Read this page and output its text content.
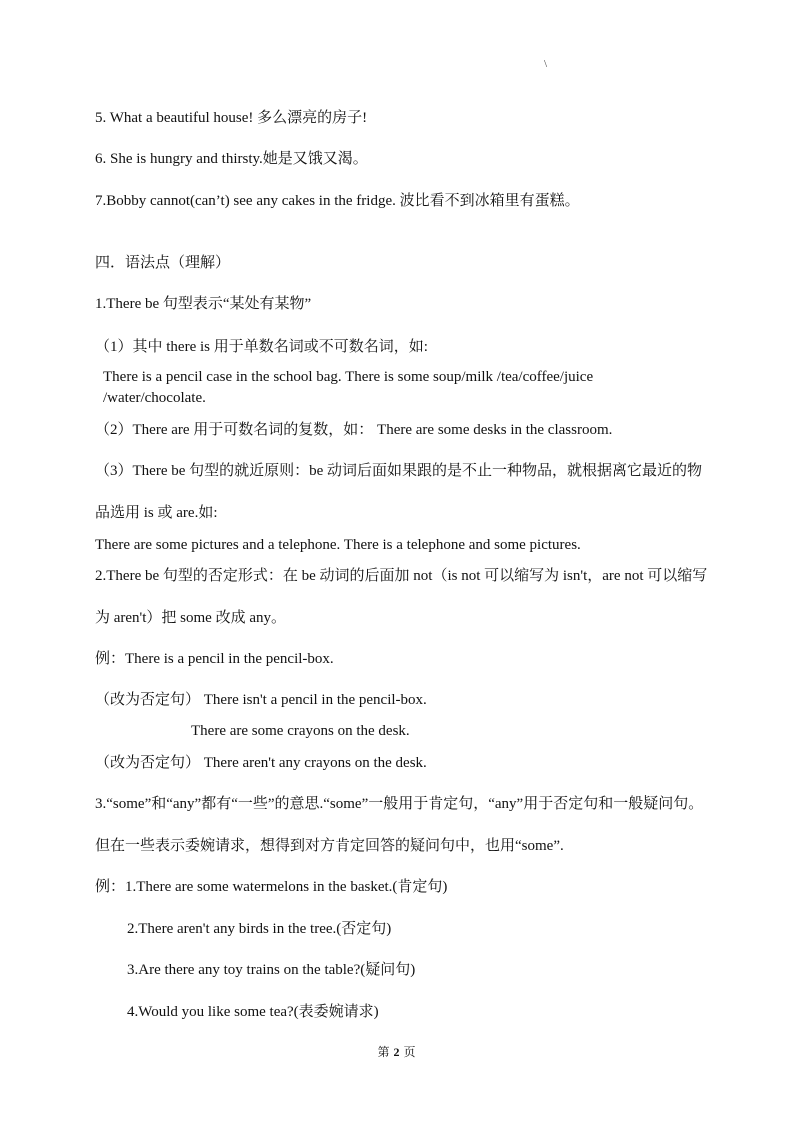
\
5. What a beautiful house! 多么漂亮的房子!
6. She is hungry and thirsty.她是又饿又渴。
7.Bobby cannot(can’t) see any cakes in the fridge. 波比看不到冰箱里有蛋糕。
四．语法点（理解）
1.There be 句型表示“某处有某物”
（1）其中 there is 用于单数名词或不可数名词，如:
There is a pencil case in the school bag. There is some soup/milk /tea/coffee/juice
/water/chocolate.
（2）There are 用于可数名词的复数，如： There are some desks in the classroom.
（3）There be 句型的就近原则：be 动词后面如果跟的是不止一种物品，就根据离它最近的物
品选用 is 或 are.如:
There are some pictures and a telephone. There is a telephone and some pictures.
2.There be 句型的否定形式：在 be 动词的后面加 not（is not 可以缩写为 isn't，are not 可以缩写
为 aren't）把 some 改成 any。
例：There is a pencil in the pencil-box.
（改为否定句） There isn't a pencil in the pencil-box.
There are some crayons on the desk.
（改为否定句） There aren't any crayons on the desk.
3.“some”和“any”都有“一些”的意思.“some”一般用于肯定句，“any”用于否定句和一般疑问句。
但在一些表示委婉请求，想得到对方肯定回答的疑问句中，也用“some”.
例：1.There are some watermelons in the basket.(肯定句)
2.There aren't any birds in the tree.(否定句)
3.Are there any toy trains on the table?(疑问句)
4.Would you like some tea?(表委婉请求)
第 2 页
